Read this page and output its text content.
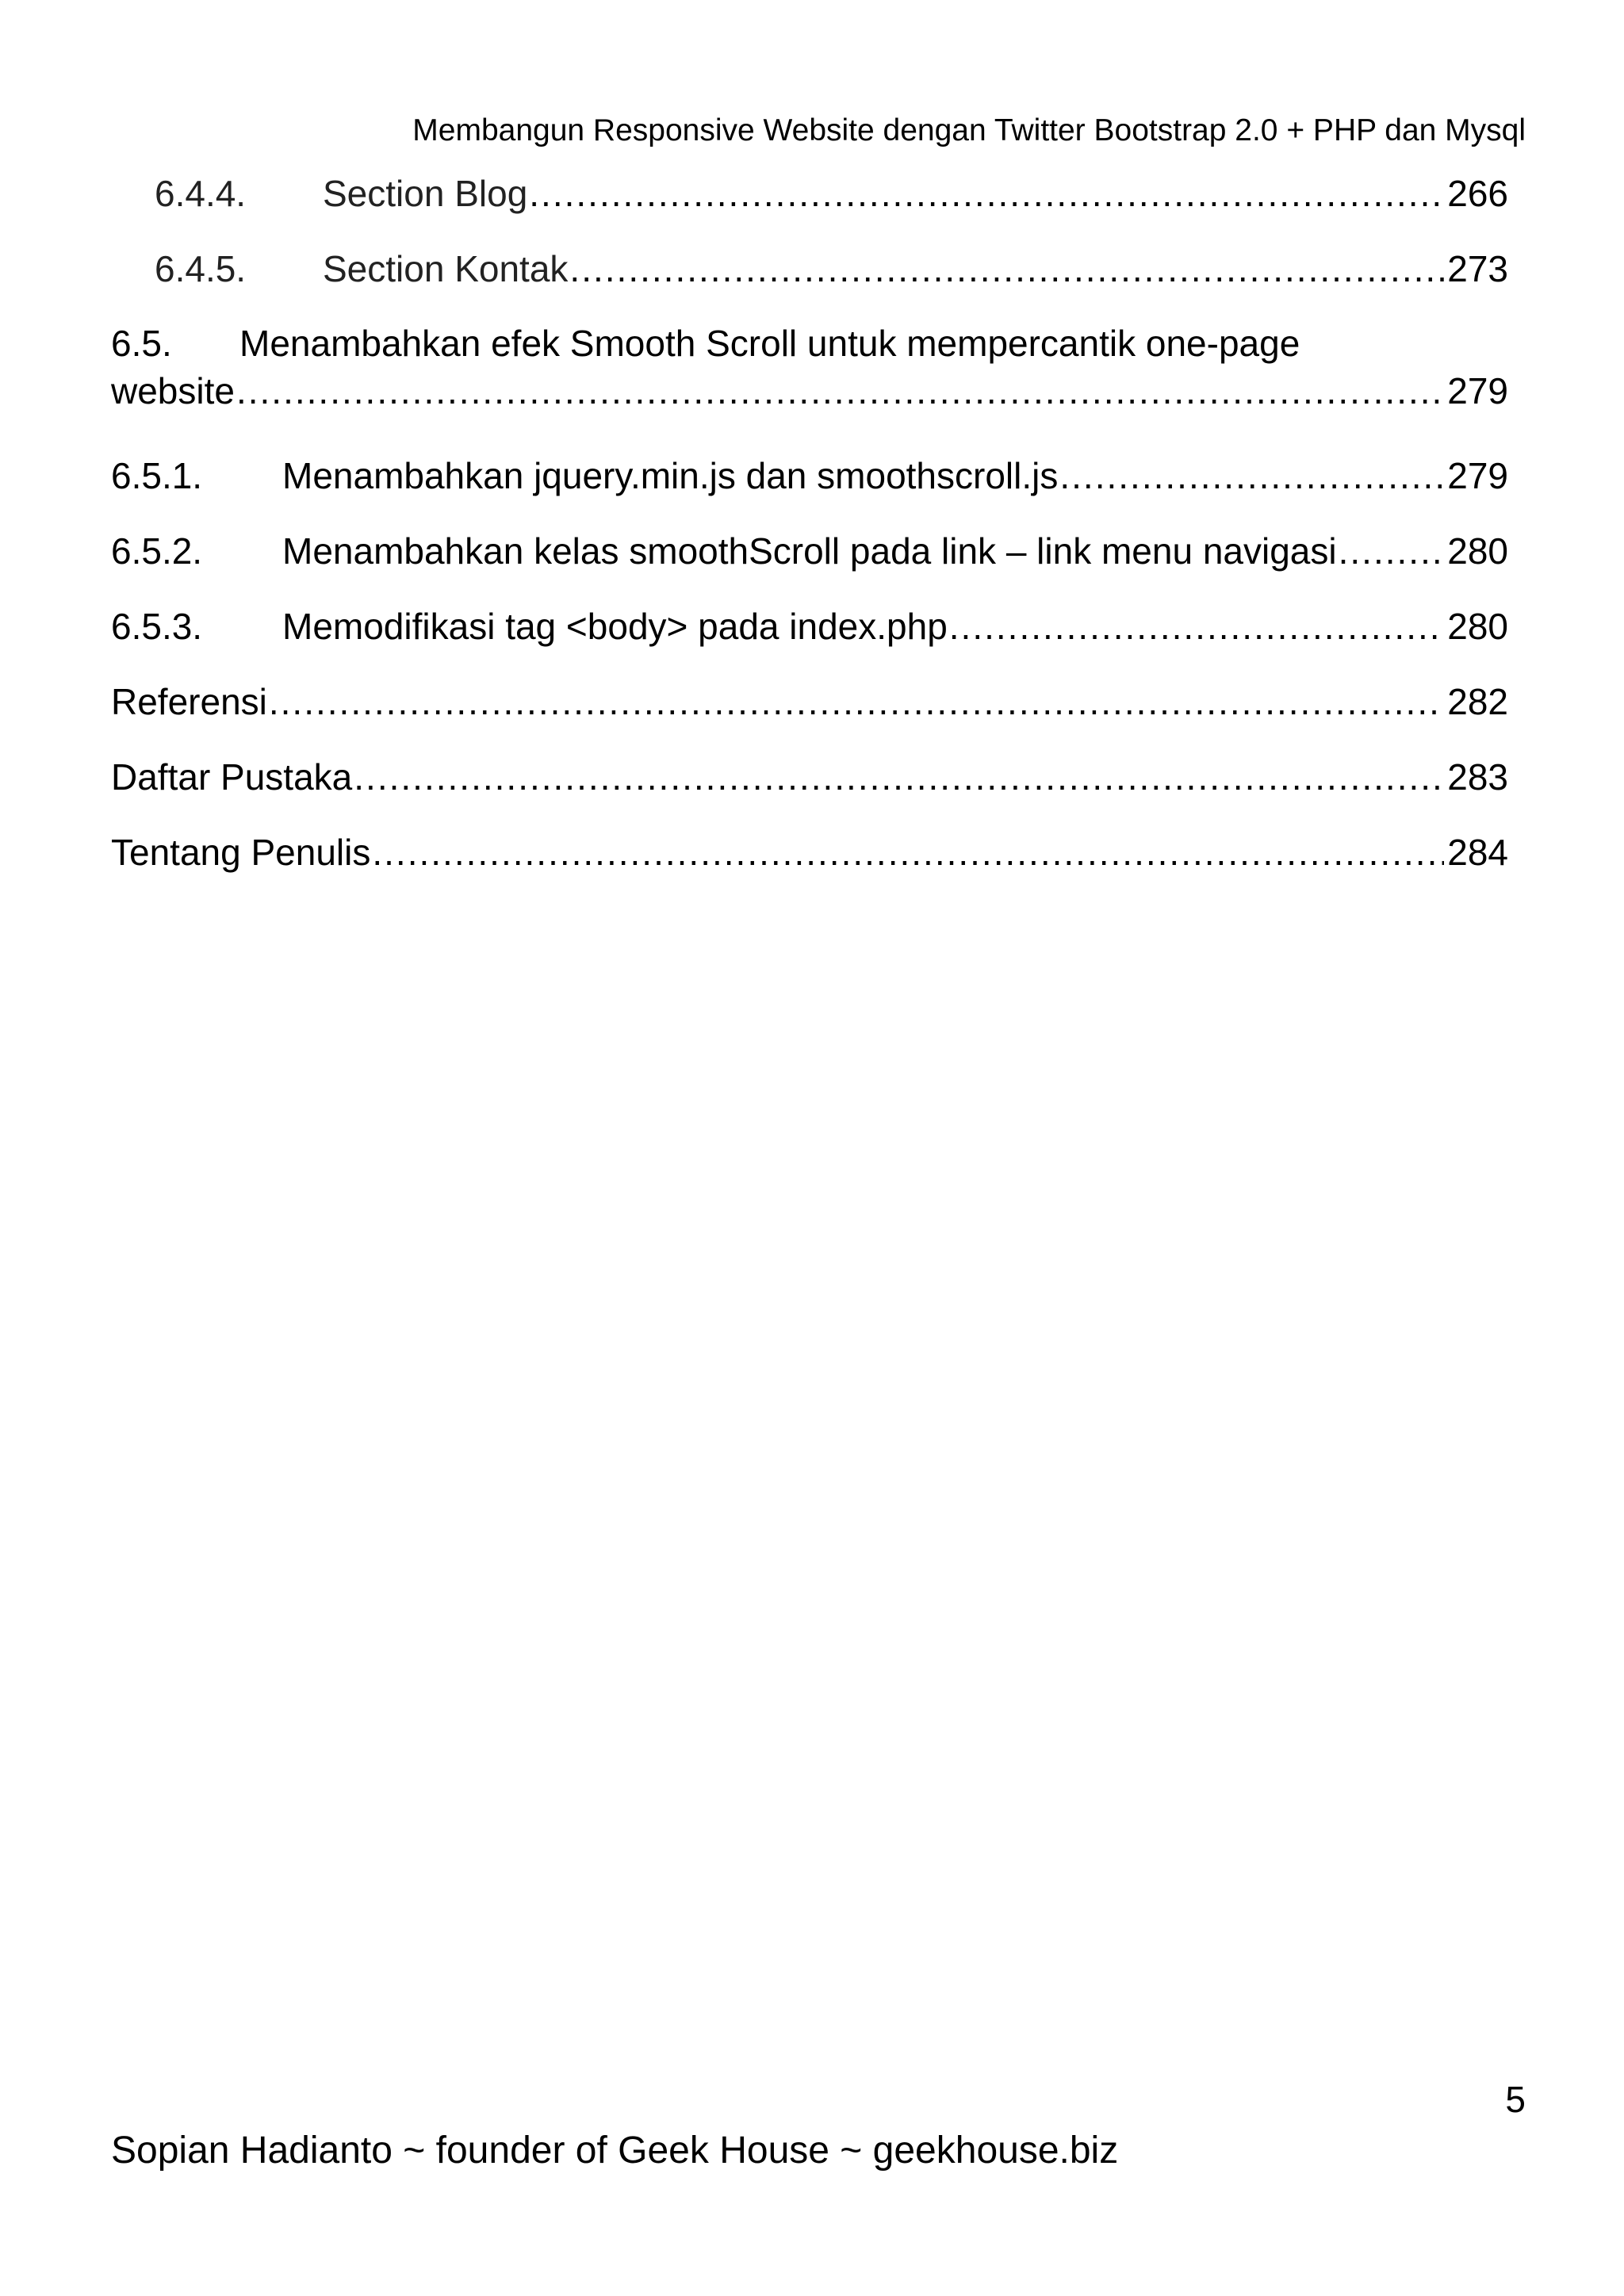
Membangun Responsive Website dengan Twitter Bootstrap 2.0 + PHP dan Mysql
6.4.4.	Section Blog .....	266
6.4.5.	Section Kontak .....	273
6.5.	Menambahkan efek Smooth Scroll untuk mempercantik one-page
website .....	279
6.5.1.	Menambahkan jquery.min.js dan smoothscroll.js .....	279
6.5.2.	Menambahkan kelas smoothScroll pada link – link menu navigasi .....	280
6.5.3.	Memodifikasi tag <body> pada index.php .....	280
Referensi .....	282
Daftar Pustaka .....	283
Tentang Penulis .....	284
5
Sopian Hadianto ~ founder of Geek House ~ geekhouse.biz
